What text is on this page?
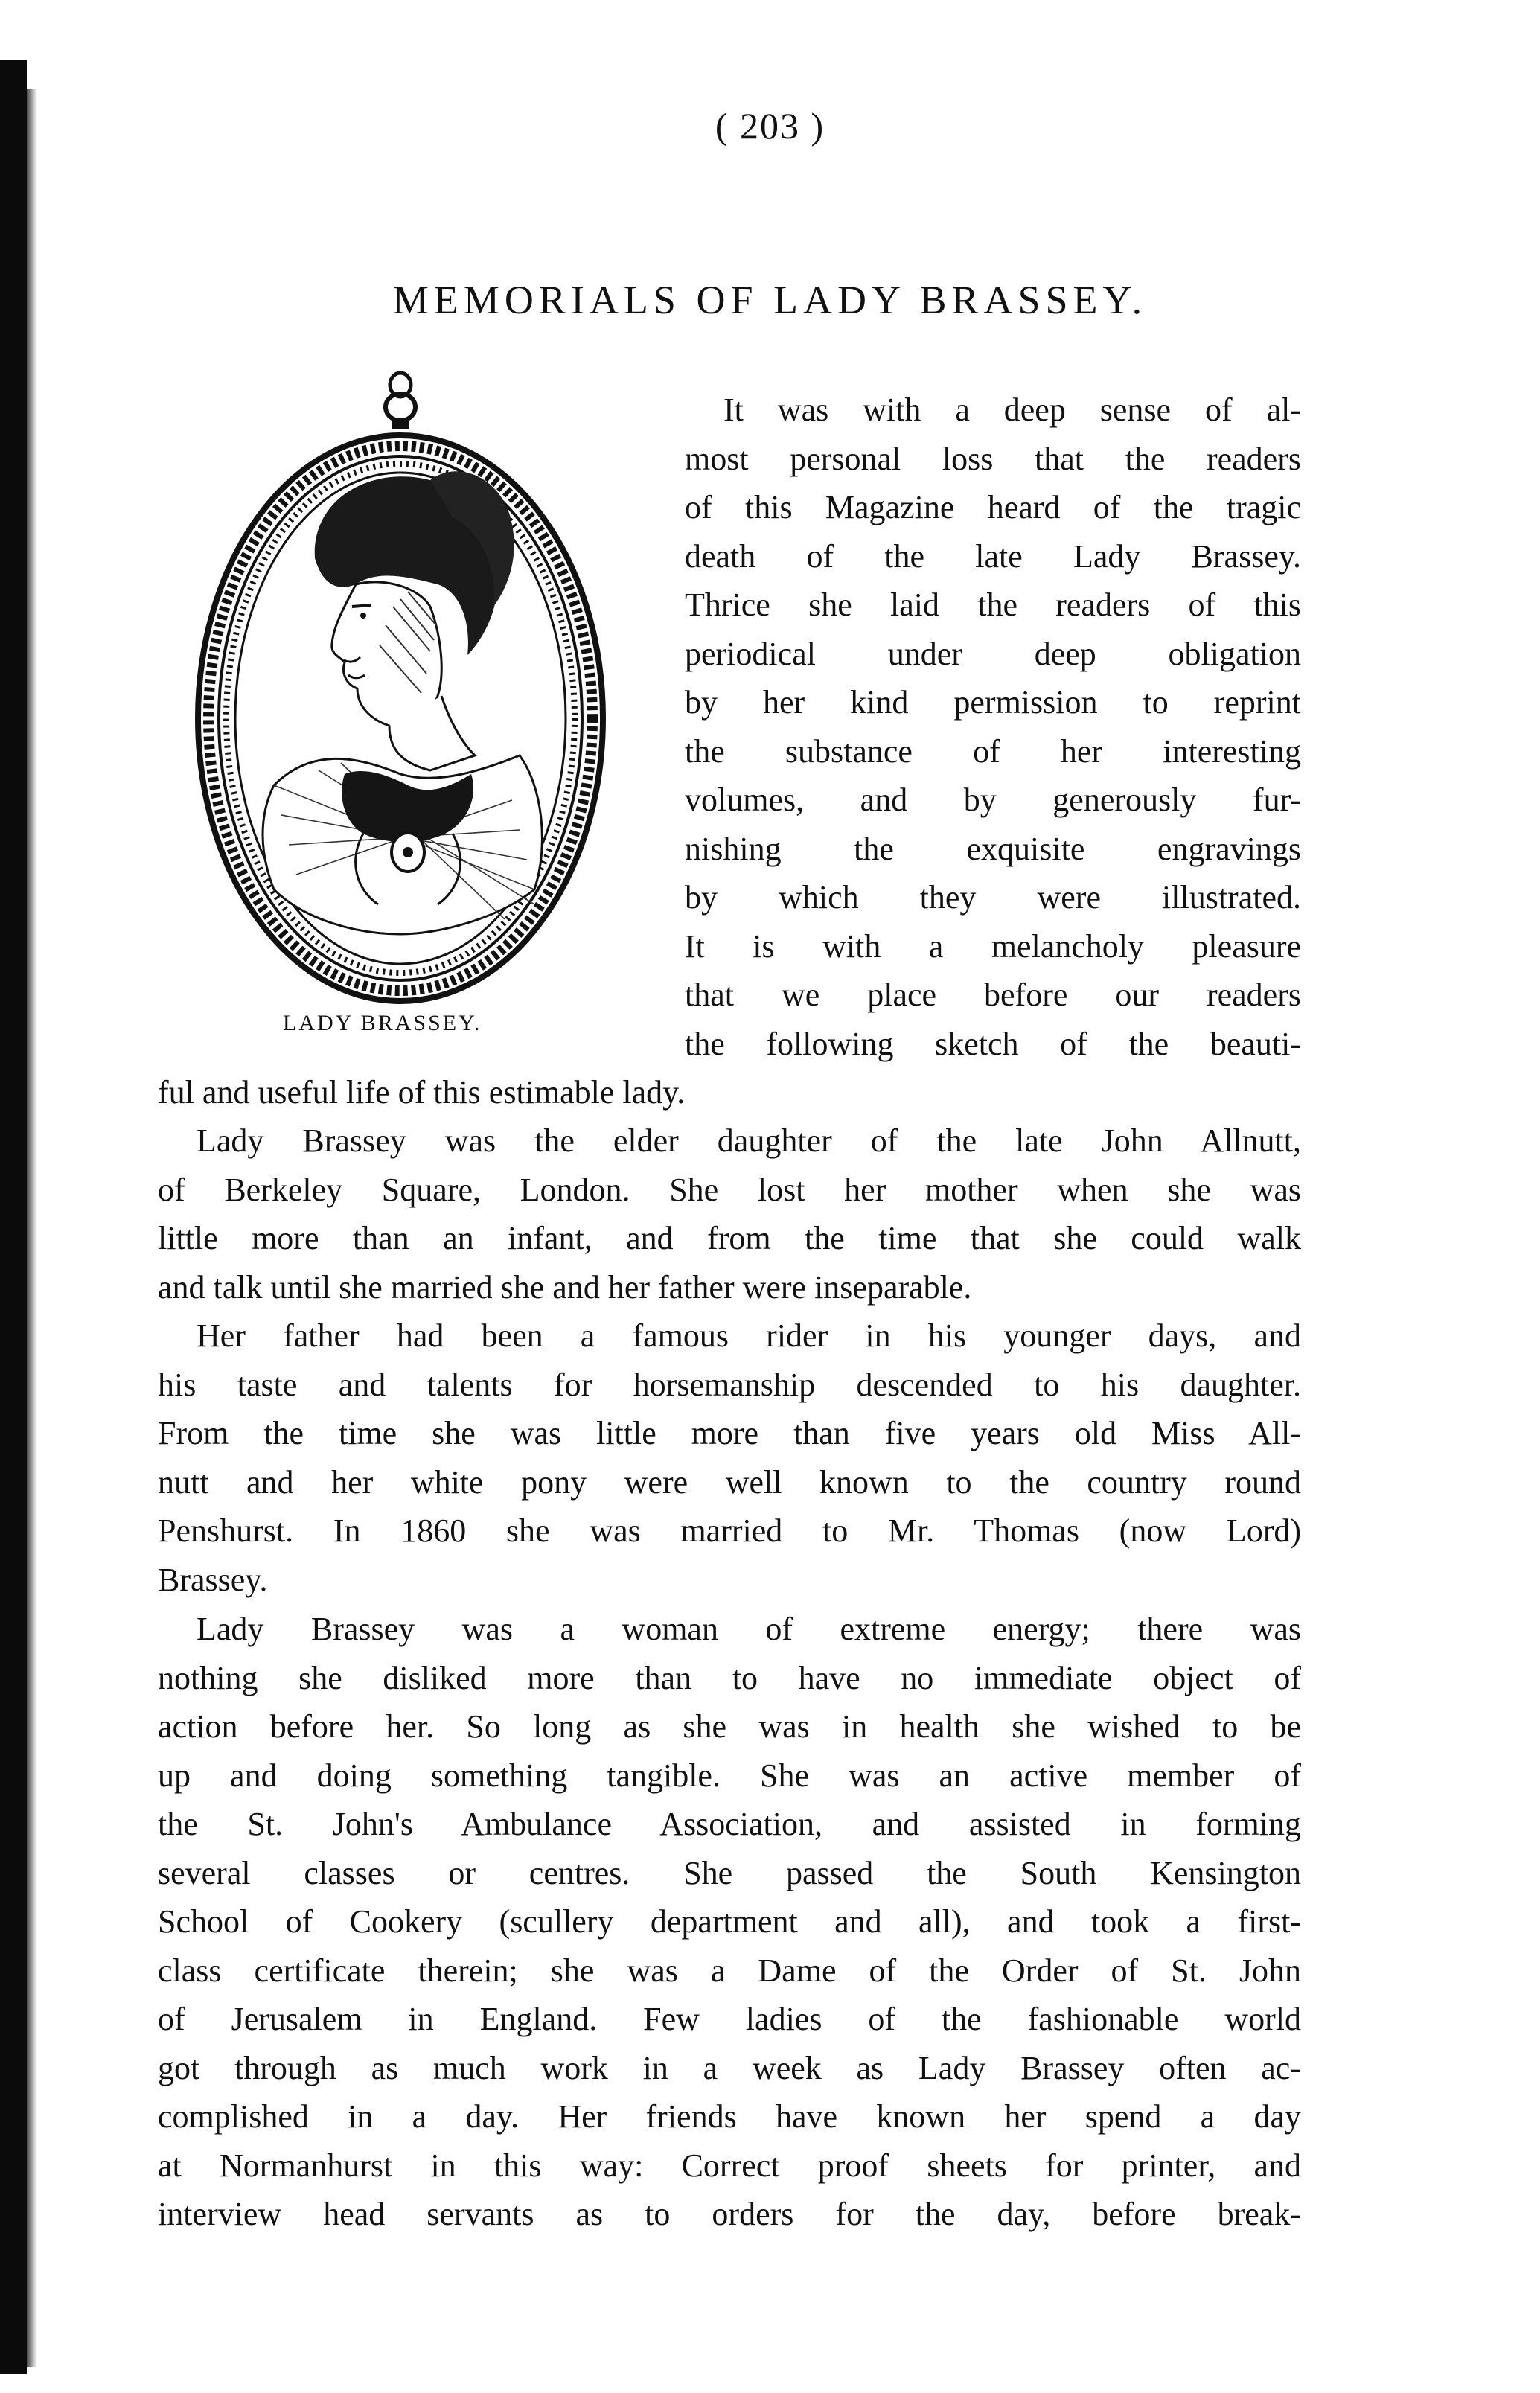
( 203 )
MEMORIALS OF LADY BRASSEY.
LADY BRASSEY.
It was with a deep sense of al-
most personal loss that the readers
of this Magazine heard of the tragic
death of the late Lady Brassey.
Thrice she laid the readers of this
periodical under deep obligation
by her kind permission to reprint
the substance of her interesting
volumes, and by generously fur-
nishing the exquisite engravings
by which they were illustrated.
It is with a melancholy pleasure
that we place before our readers
the following sketch of the beauti-
ful and useful life of this estimable lady.
Lady Brassey was the elder daughter of the late John Allnutt,
of Berkeley Square, London. She lost her mother when she was
little more than an infant, and from the time that she could walk
and talk until she married she and her father were inseparable.
Her father had been a famous rider in his younger days, and
his taste and talents for horsemanship descended to his daughter.
From the time she was little more than five years old Miss All-
nutt and her white pony were well known to the country round
Penshurst. In 1860 she was married to Mr. Thomas (now Lord)
Brassey.
Lady Brassey was a woman of extreme energy; there was
nothing she disliked more than to have no immediate object of
action before her. So long as she was in health she wished to be
up and doing something tangible. She was an active member of
the St. John's Ambulance Association, and assisted in forming
several classes or centres. She passed the South Kensington
School of Cookery (scullery department and all), and took a first-
class certificate therein; she was a Dame of the Order of St. John
of Jerusalem in England. Few ladies of the fashionable world
got through as much work in a week as Lady Brassey often ac-
complished in a day. Her friends have known her spend a day
at Normanhurst in this way: Correct proof sheets for printer, and
interview head servants as to orders for the day, before break-
